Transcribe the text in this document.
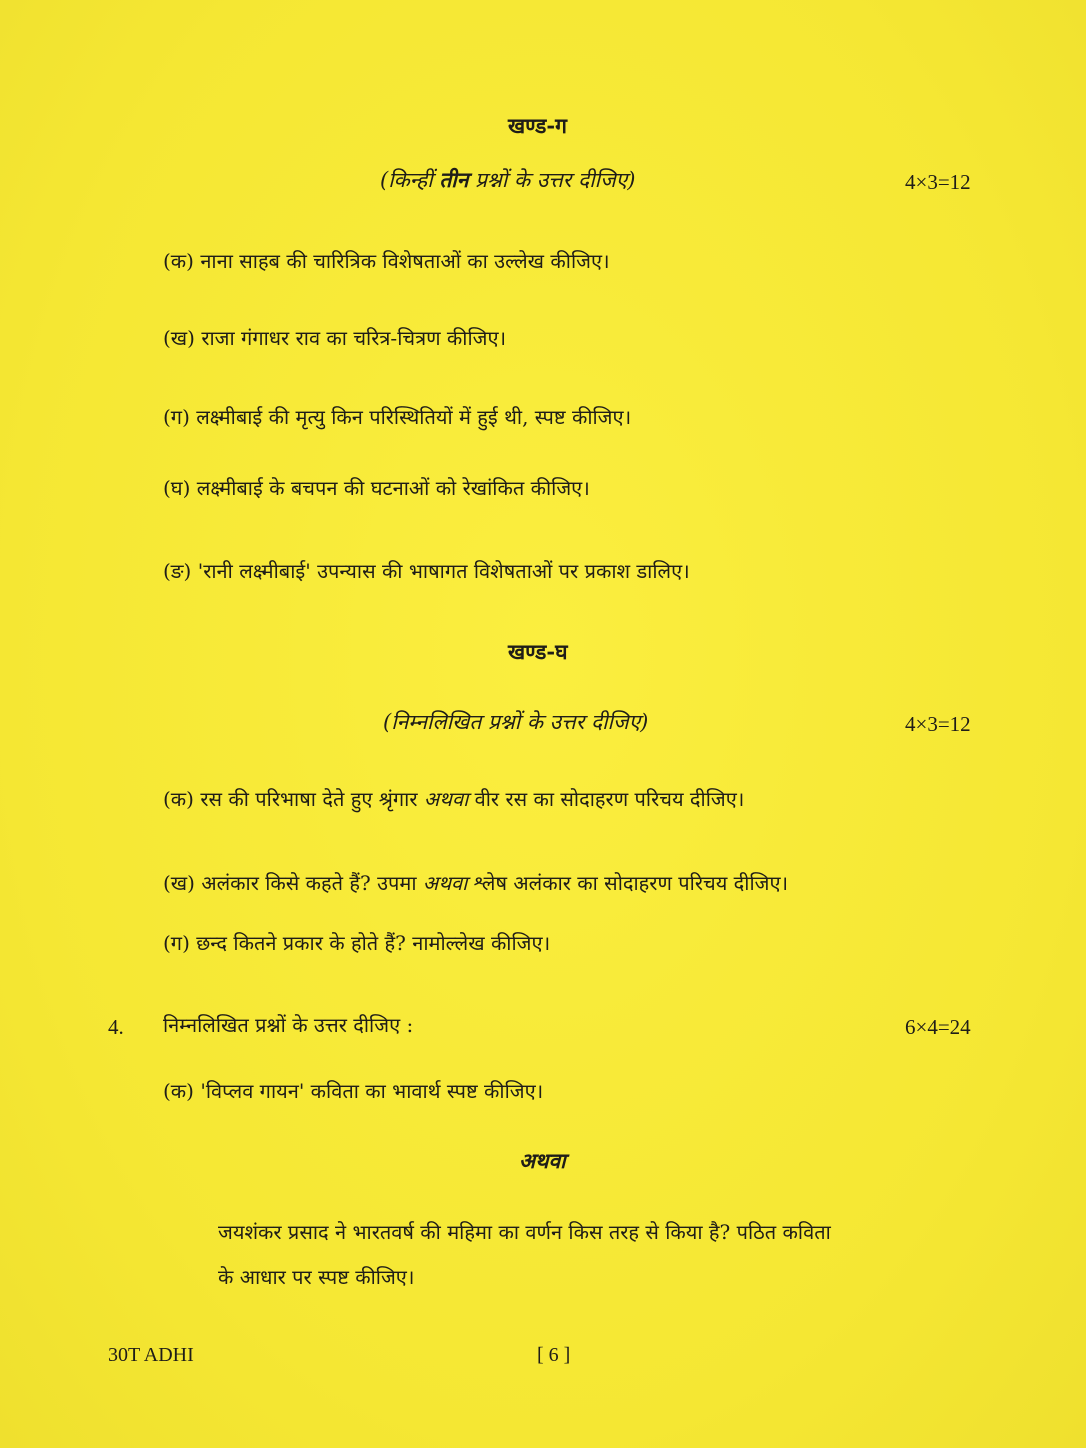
खण्ड-ग
(किन्हीं तीन प्रश्नों के उत्तर दीजिए)	4×3=12
(क) नाना साहब की चारित्रिक विशेषताओं का उल्लेख कीजिए।
(ख) राजा गंगाधर राव का चरित्र-चित्रण कीजिए।
(ग) लक्ष्मीबाई की मृत्यु किन परिस्थितियों में हुई थी, स्पष्ट कीजिए।
(घ) लक्ष्मीबाई के बचपन की घटनाओं को रेखांकित कीजिए।
(ङ) 'रानी लक्ष्मीबाई' उपन्यास की भाषागत विशेषताओं पर प्रकाश डालिए।
खण्ड-घ
(निम्नलिखित प्रश्नों के उत्तर दीजिए)	4×3=12
(क) रस की परिभाषा देते हुए श्रृंगार अथवा वीर रस का सोदाहरण परिचय दीजिए।
(ख) अलंकार किसे कहते हैं? उपमा अथवा श्लेष अलंकार का सोदाहरण परिचय दीजिए।
(ग) छन्द कितने प्रकार के होते हैं? नामोल्लेख कीजिए।
4. निम्नलिखित प्रश्नों के उत्तर दीजिए :	6×4=24
(क) 'विप्लव गायन' कविता का भावार्थ स्पष्ट कीजिए।
अथवा
जयशंकर प्रसाद ने भारतवर्ष की महिमा का वर्णन किस तरह से किया है? पठित कविता
के आधार पर स्पष्ट कीजिए।
30T ADHI	[ 6 ]
